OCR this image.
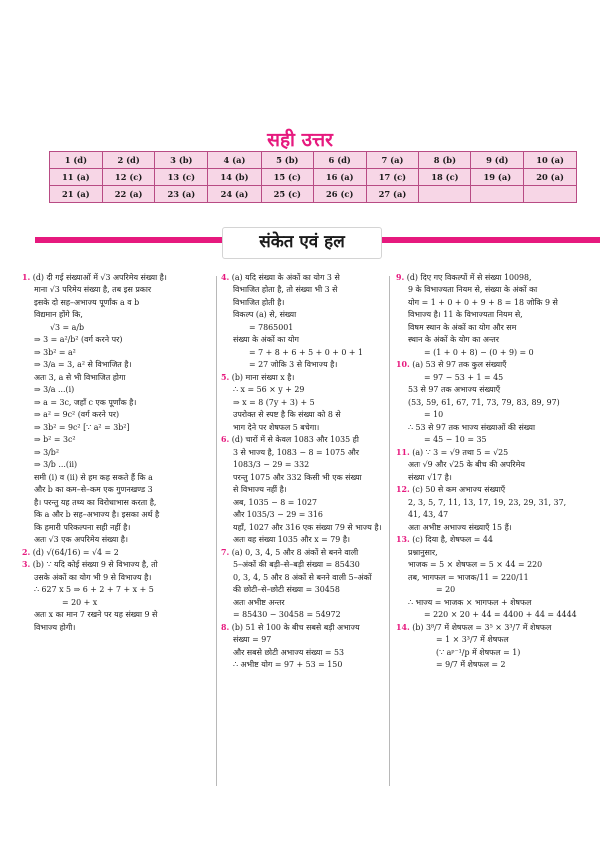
सही उत्तर
1 (d)	2 (d)	3 (b)	4 (a)	5 (b)	6 (d)	7 (a)	8 (b)	9 (d)	10 (a)
11 (a)	12 (c)	13 (c)	14 (b)	15 (c)	16 (a)	17 (c)	18 (c)	19 (a)	20 (a)
21 (a)	22 (a)	23 (a)	24 (a)	25 (c)	26 (c)	27 (a)			
संकेत एवं हल

1. (d) दी गई संख्याओं में √3 अपरिमेय संख्या है।

माना √3 परिमेय संख्या है, तब इस प्रकार

इसके दो सह–अभाज्य पूर्णांक a व b

विद्यमान होंगे कि,

√3 = a/b

⇒ 3 = a²/b² (वर्ग करने पर)

⇒ 3b² = a²

⇒ 3/a = 3, a² से विभाजित है।

अतः 3, a से भी विभाजित होगा

⇒ 3/a ...(i)

⇒ a = 3c, जहाँ c एक पूर्णांक है।

⇒ a² = 9c² (वर्ग करने पर)

⇒ 3b² = 9c² [∵ a² = 3b²]

⇒ b² = 3c²

⇒ 3/b²

⇒ 3/b ...(ii)

समी (i) व (ii) से हम कह सकते हैं कि a

और b का कम–से–कम एक गुणनखण्ड 3

है। परन्तु यह तथ्य का विरोधाभास करता है,

कि a और b सह–अभाज्य है। इसका अर्थ है

कि हमारी परिकल्पना सही नहीं है।

अतः √3 एक अपरिमेय संख्या है।

2. (d) √(64/16) = √4 = 2

3. (b) ∵ यदि कोई संख्या 9 से विभाज्य है, तो

उसके अंकों का योग भी 9 से विभाज्य है।

∴ 627 x 5 ⇒ 6 + 2 + 7 + x + 5

= 20 + x

अतः x का मान 7 रखने पर यह संख्या 9 से

विभाज्य होगी।

4. (a) यदि संख्या के अंकों का योग 3 से

विभाजित होता है, तो संख्या भी 3 से

विभाजित होती है।

विकल्प (a) से, संख्या

= 7865001

संख्या के अंकों का योग

= 7 + 8 + 6 + 5 + 0 + 0 + 1

= 27 जोकि 3 से विभाज्य है।

5. (b) माना संख्या x है।

∴ x = 56 × y + 29

⇒ x = 8 (7y + 3) + 5

उपरोक्त से स्पष्ट है कि संख्या को 8 से

भाग देने पर शेषफल 5 बचेगा।

6. (d) चारों में से केवल 1083 और 1035 ही

3 से भाज्य है, 1083 − 8 = 1075 और

1083/3 − 29 = 332

परन्तु 1075 और 332 किसी भी एक संख्या

से विभाज्य नहीं है।

अब, 1035 − 8 = 1027

और 1035/3 − 29 = 316

यहाँ, 1027 और 316 एक संख्या 79 से भाज्य है।

अतः वह संख्या 1035 और x = 79 है।

7. (a) 0, 3, 4, 5 और 8 अंकों से बनने वाली

5–अंकों की बड़ी–से–बड़ी संख्या = 85430

0, 3, 4, 5 और 8 अंकों से बनने वाली 5–अंकों

की छोटी–से–छोटी संख्या = 30458

अतः अभीष्ट अन्तर

= 85430 − 30458 = 54972

8. (b) 51 से 100 के बीच सबसे बड़ी अभाज्य

संख्या = 97

और सबसे छोटी अभाज्य संख्या = 53

∴ अभीष्ट योग = 97 + 53 = 150

9. (d) दिए गए विकल्पों में से संख्या 10098,

9 के विभाज्यता नियम से, संख्या के अंकों का

योग = 1 + 0 + 0 + 9 + 8 = 18 जोकि 9 से

विभाज्य है। 11 के विभाज्यता नियम से,

विषम स्थान के अंकों का योग और सम

स्थान के अंकों के योग का अन्तर

= (1 + 0 + 8) − (0 + 9) = 0

10. (a) 53 से 97 तक कुल संख्याएँ

= 97 − 53 + 1 = 45

53 से 97 तक अभाज्य संख्याएँ

(53, 59, 61, 67, 71, 73, 79, 83, 89, 97)

= 10

∴ 53 से 97 तक भाज्य संख्याओं की संख्या

= 45 − 10 = 35

11. (a) ∵ 3 = √9 तथा 5 = √25

अतः √9 और √25 के बीच की अपरिमेय

संख्या √17 है।

12. (c) 50 से कम अभाज्य संख्याएँ

2, 3, 5, 7, 11, 13, 17, 19, 23, 29, 31, 37,

41, 43, 47

अतः अभीष्ट अभाज्य संख्याएँ 15 हैं।

13. (c) दिया है, शेषफल = 44

प्रश्नानुसार,

भाजक = 5 × शेषफल = 5 × 44 = 220

तब, भागफल = भाजक/11 = 220/11

= 20

∴ भाज्य = भाजक × भागफल + शेषफल

= 220 × 20 + 44 = 4400 + 44 = 4444

14. (b) 3⁸/7 में शेषफल = 3⁵ × 3³/7 में शेषफल

= 1 × 3³/7 में शेषफल

(∵ aᵖ⁻¹/p में शेषफल = 1)

= 9/7 में शेषफल = 2
